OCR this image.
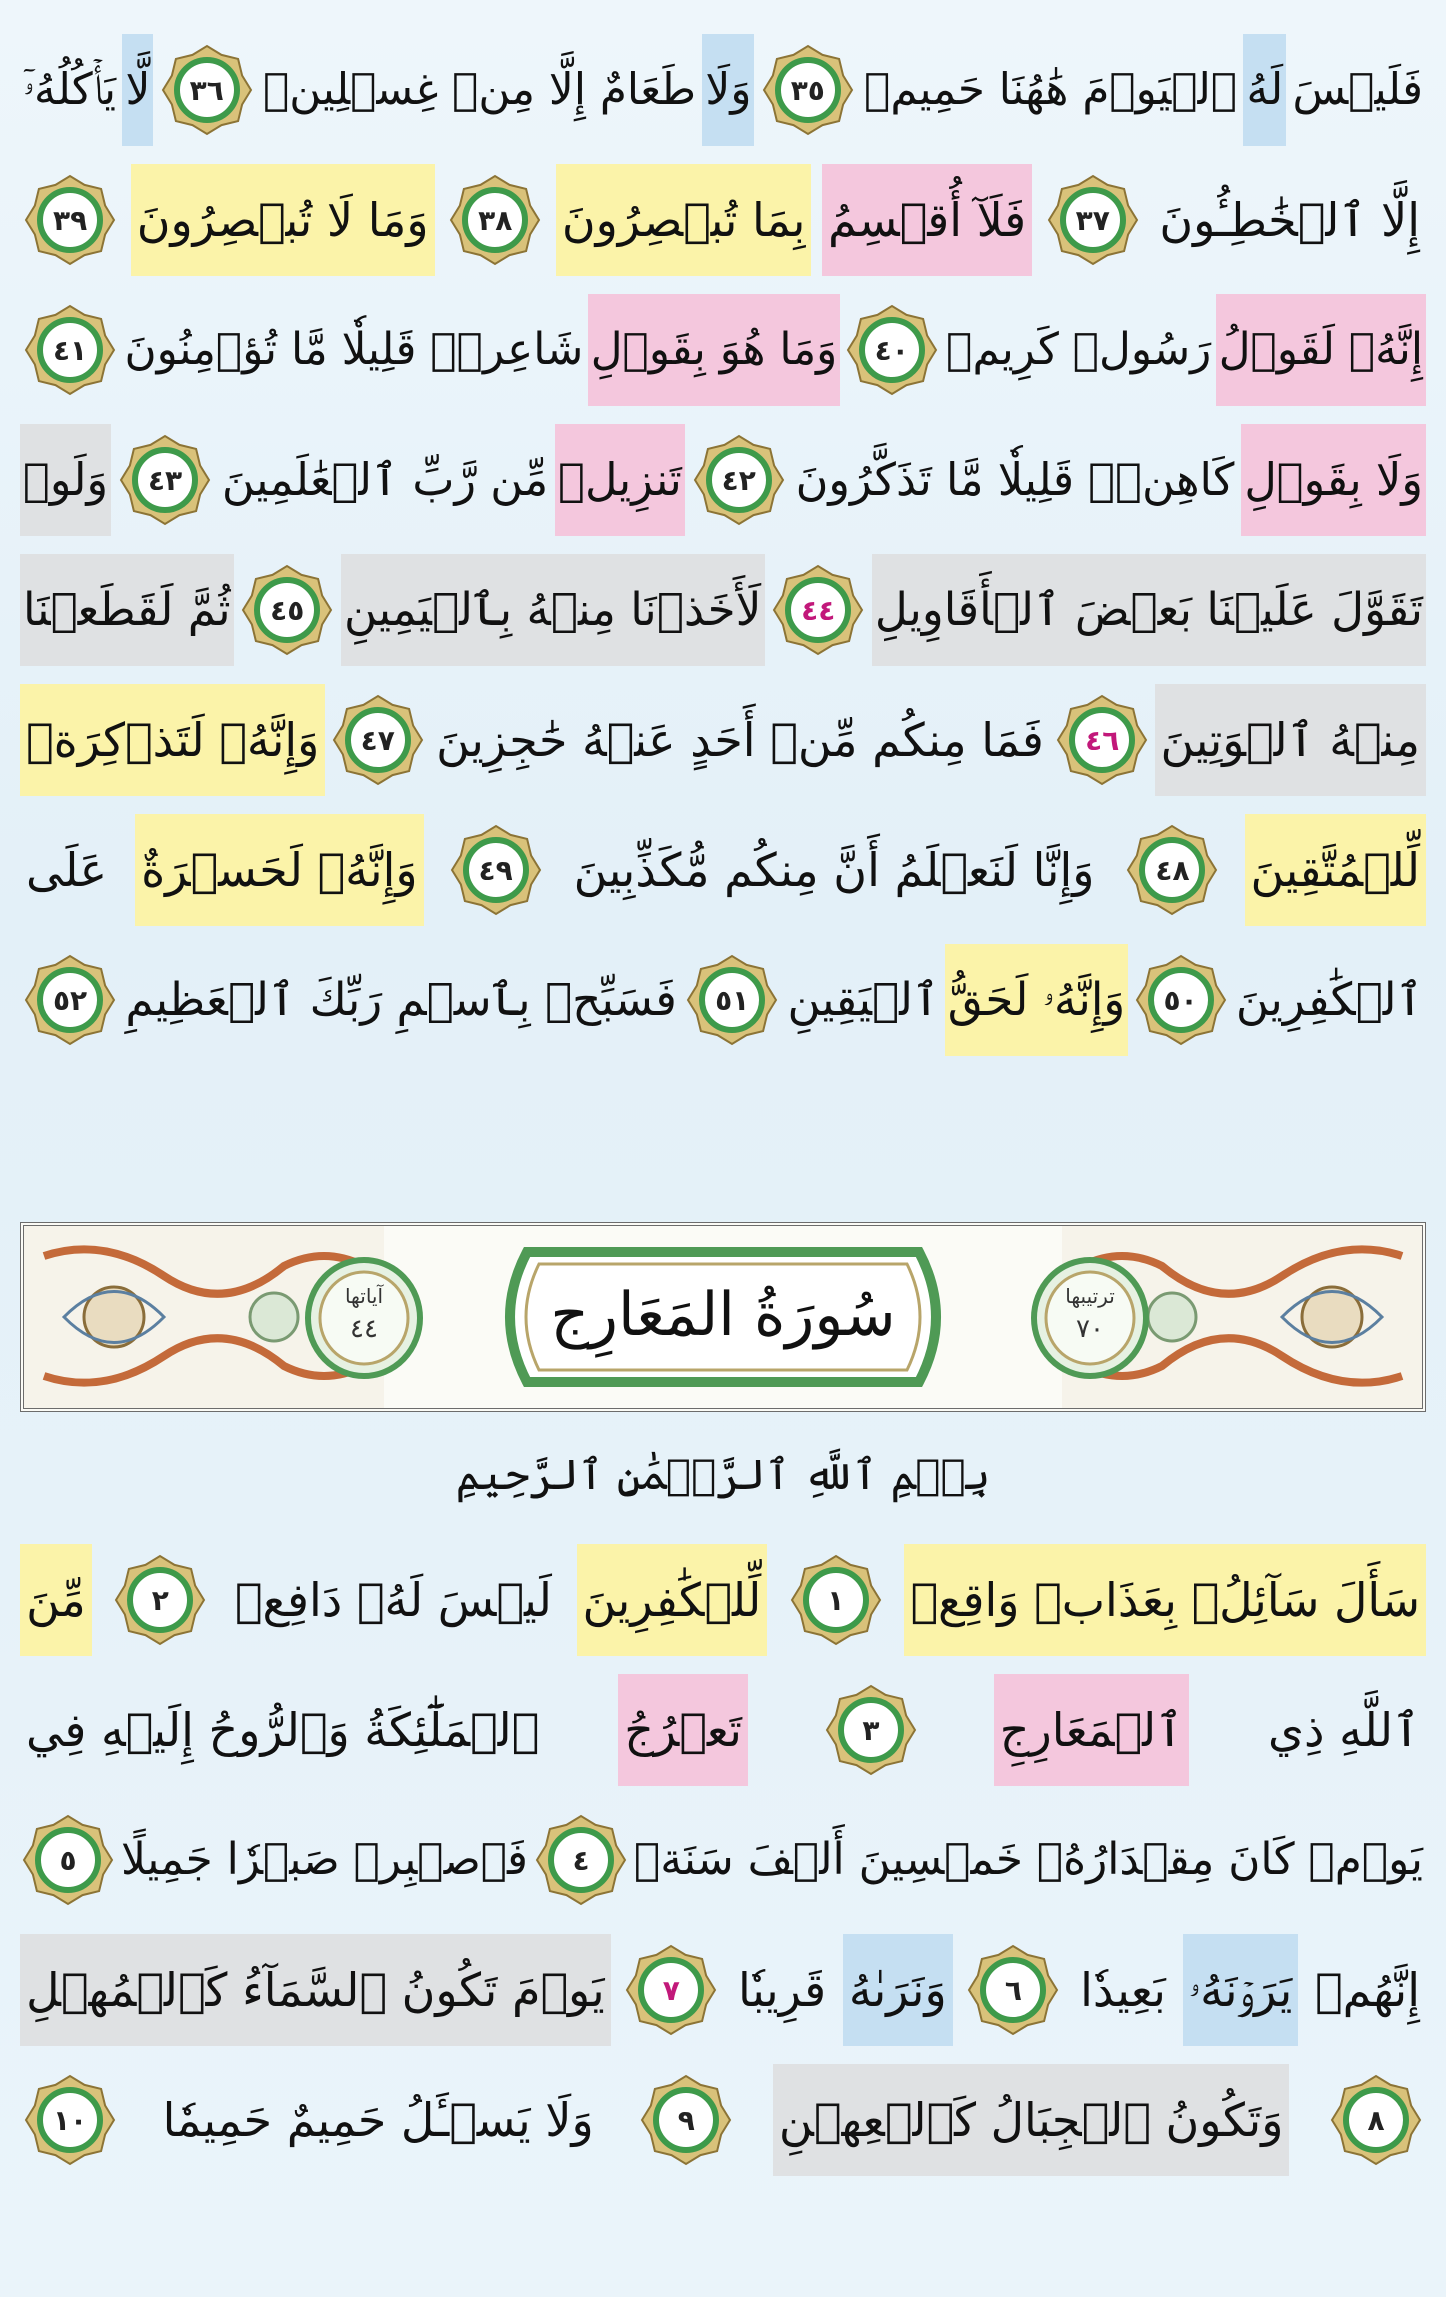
فَلَيۡسَ
لَهُ
ٱلۡيَوۡمَ هَٰهُنَا حَمِيمٞ
٣٥
وَلَا
طَعَامٌ إِلَّا مِنۡ غِسۡلِينٖ
٣٦
لَّا
يَأۡكُلُهُۥٓ
إِلَّا ٱلۡخَٰطِـُٔونَ
٣٧
فَلَآ أُقۡسِمُ
بِمَا تُبۡصِرُونَ
٣٨
وَمَا لَا تُبۡصِرُونَ
٣٩
إِنَّهُۥ لَقَوۡلُ
رَسُولٖ كَرِيمٖ
٤٠
وَمَا هُوَ بِقَوۡلِ
شَاعِرٖۚ قَلِيلٗا مَّا تُؤۡمِنُونَ
٤١
وَلَا بِقَوۡلِ
كَاهِنٖۚ قَلِيلٗا مَّا تَذَكَّرُونَ
٤٢
تَنزِيلٞ
مِّن رَّبِّ ٱلۡعَٰلَمِينَ
٤٣
وَلَوۡ
تَقَوَّلَ عَلَيۡنَا بَعۡضَ ٱلۡأَقَاوِيلِ
٤٤
لَأَخَذۡنَا مِنۡهُ بِٱلۡيَمِينِ
٤٥
ثُمَّ لَقَطَعۡنَا
مِنۡهُ ٱلۡوَتِينَ
٤٦
فَمَا مِنكُم مِّنۡ أَحَدٍ عَنۡهُ حَٰجِزِينَ
٤٧
وَإِنَّهُۥ لَتَذۡكِرَةٞ
لِّلۡمُتَّقِينَ
٤٨
وَإِنَّا لَنَعۡلَمُ أَنَّ مِنكُم مُّكَذِّبِينَ
٤٩
وَإِنَّهُۥ لَحَسۡرَةٌ
عَلَى
ٱلۡكَٰفِرِينَ
٥٠
وَإِنَّهُۥ لَحَقُّ
ٱلۡيَقِينِ
٥١
فَسَبِّحۡ بِٱسۡمِ رَبِّكَ ٱلۡعَظِيمِ
٥٢
آياتها
٤٤	سُورَةُ المَعَارِج	ترتيبها
٧٠
بِسۡمِ ٱللَّهِ ٱلرَّحۡمَٰنِ ٱلرَّحِيمِ
سَأَلَ سَآئِلُۢ بِعَذَابٖ وَاقِعٖ
١
لِّلۡكَٰفِرِينَ
لَيۡسَ لَهُۥ دَافِعٞ
٢
مِّنَ
ٱللَّهِ ذِي
ٱلۡمَعَارِجِ
٣
تَعۡرُجُ
ٱلۡمَلَٰٓئِكَةُ وَٱلرُّوحُ إِلَيۡهِ فِي
يَوۡمٖ كَانَ مِقۡدَارُهُۥ خَمۡسِينَ أَلۡفَ سَنَةٖ
٤
فَٱصۡبِرۡ صَبۡرٗا جَمِيلًا
٥
إِنَّهُمۡ
يَرَوۡنَهُۥ
بَعِيدٗا
٦
وَنَرَىٰهُ
قَرِيبٗا
٧
يَوۡمَ تَكُونُ ٱلسَّمَآءُ كَٱلۡمُهۡلِ
٨
وَتَكُونُ ٱلۡجِبَالُ كَٱلۡعِهۡنِ
٩
وَلَا يَسۡـَٔلُ حَمِيمٌ حَمِيمٗا
١٠
